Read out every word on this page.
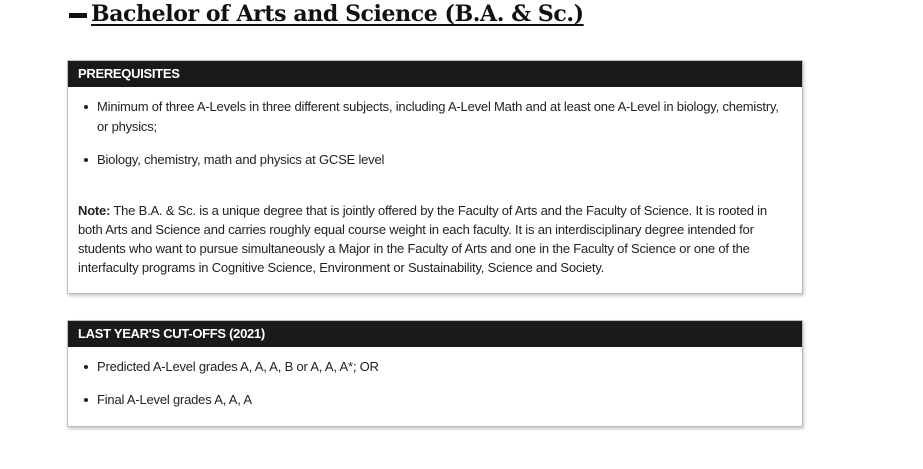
Bachelor of Arts and Science (B.A. & Sc.)
PREREQUISITES
Minimum of three A-Levels in three different subjects, including A-Level Math and at least one A-Level in biology, chemistry, or physics;
Biology, chemistry, math and physics at GCSE level

Note: The B.A. & Sc. is a unique degree that is jointly offered by the Faculty of Arts and the Faculty of Science. It is rooted in both Arts and Science and carries roughly equal course weight in each faculty. It is an interdisciplinary degree intended for students who want to pursue simultaneously a Major in the Faculty of Arts and one in the Faculty of Science or one of the interfaculty programs in Cognitive Science, Environment or Sustainability, Science and Society.

LAST YEAR'S CUT-OFFS (2021)
Predicted A-Level grades A, A, A, B or A, A, A*; OR
Final A-Level grades A, A, A
